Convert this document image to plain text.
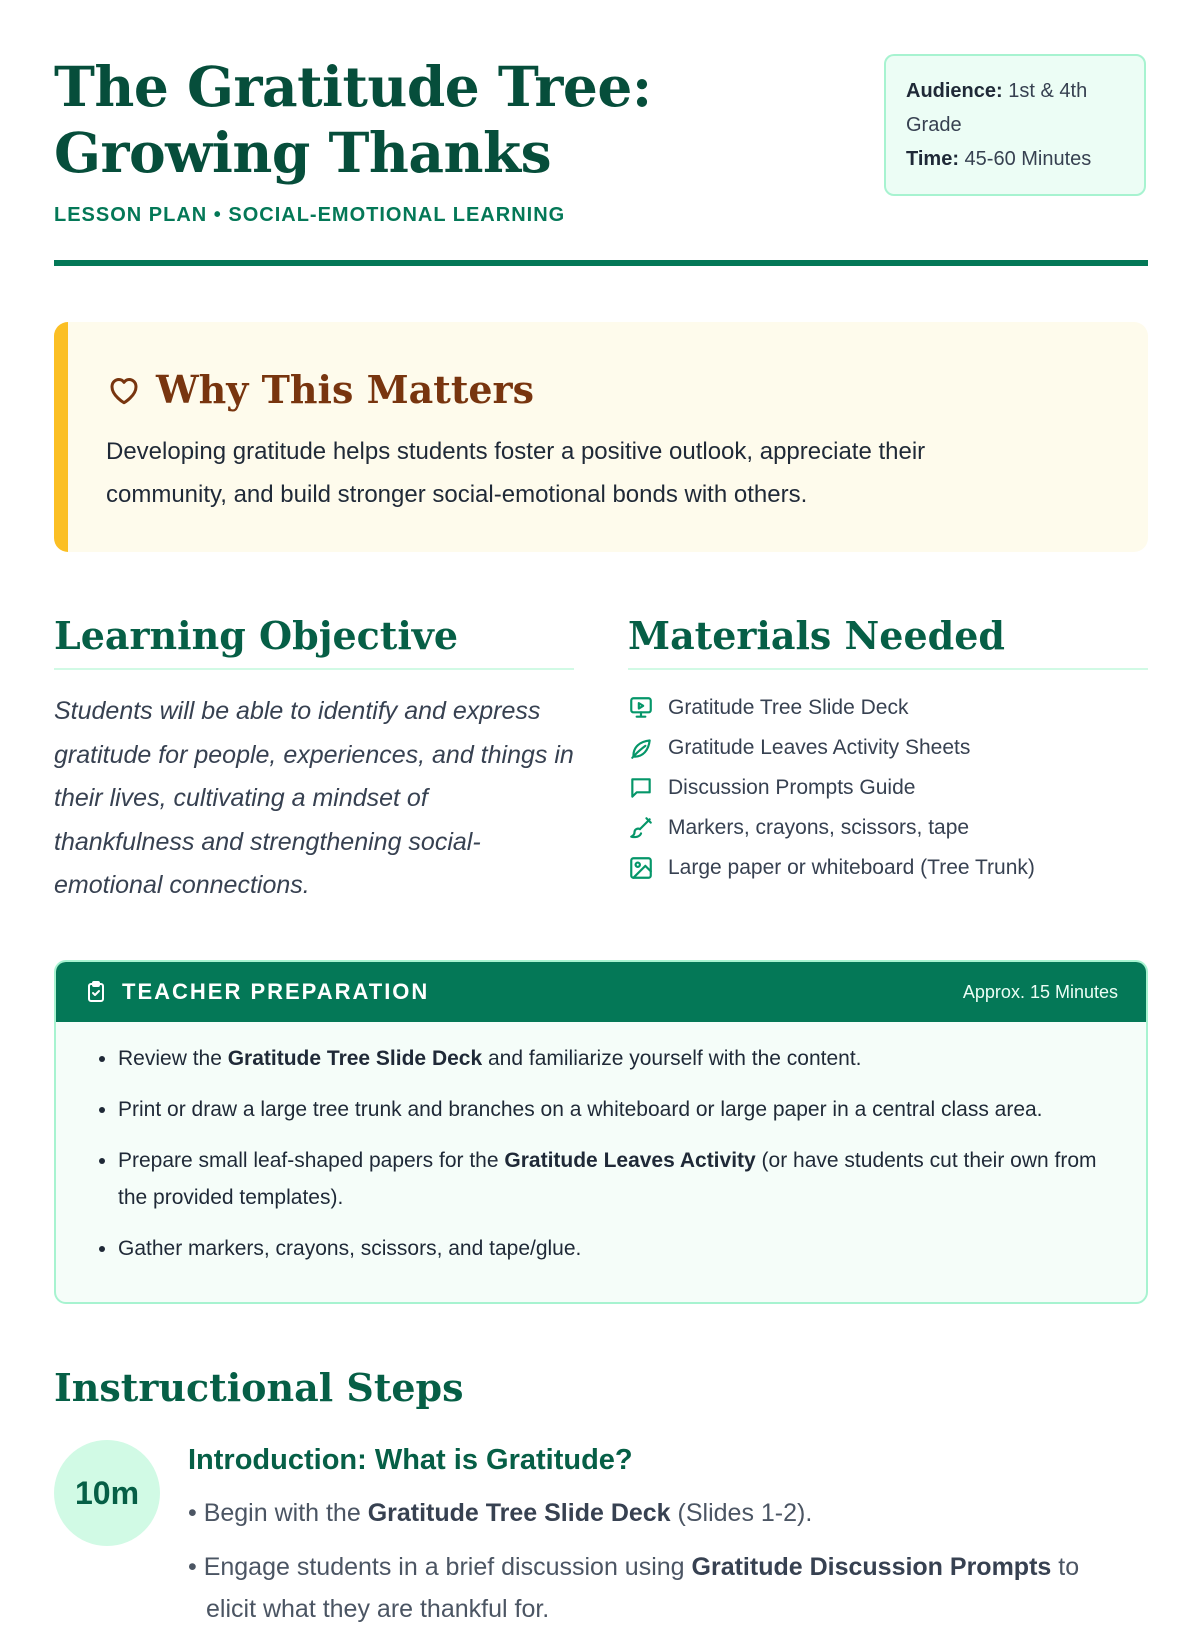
The Gratitude Tree: Growing Thanks

LESSON PLAN • SOCIAL-EMOTIONAL LEARNING

Audience: 1st & 4th Grade
Time: 45-60 Minutes
Why This Matters

Developing gratitude helps students foster a positive outlook, appreciate their community, and build stronger social-emotional bonds with others.

Learning Objective

Students will be able to identify and express gratitude for people, experiences, and things in their lives, cultivating a mindset of thankfulness and strengthening social-emotional connections.

Materials Needed
Gratitude Tree Slide Deck
Gratitude Leaves Activity Sheets
Discussion Prompts Guide
Markers, crayons, scissors, tape
Large paper or whiteboard (Tree Trunk)
TEACHER PREPARATION	Approx. 15 Minutes
• Review the Gratitude Tree Slide Deck and familiarize yourself with the content.
• Print or draw a large tree trunk and branches on a whiteboard or large paper in a central class area.
• Prepare small leaf-shaped papers for the Gratitude Leaves Activity (or have students cut their own from the provided templates).
• Gather markers, crayons, scissors, and tape/glue.
Instructional Steps
10m
Introduction: What is Gratitude?

• Begin with the Gratitude Tree Slide Deck (Slides 1-2).

• Engage students in a brief discussion using Gratitude Discussion Prompts to

elicit what they are thankful for.
